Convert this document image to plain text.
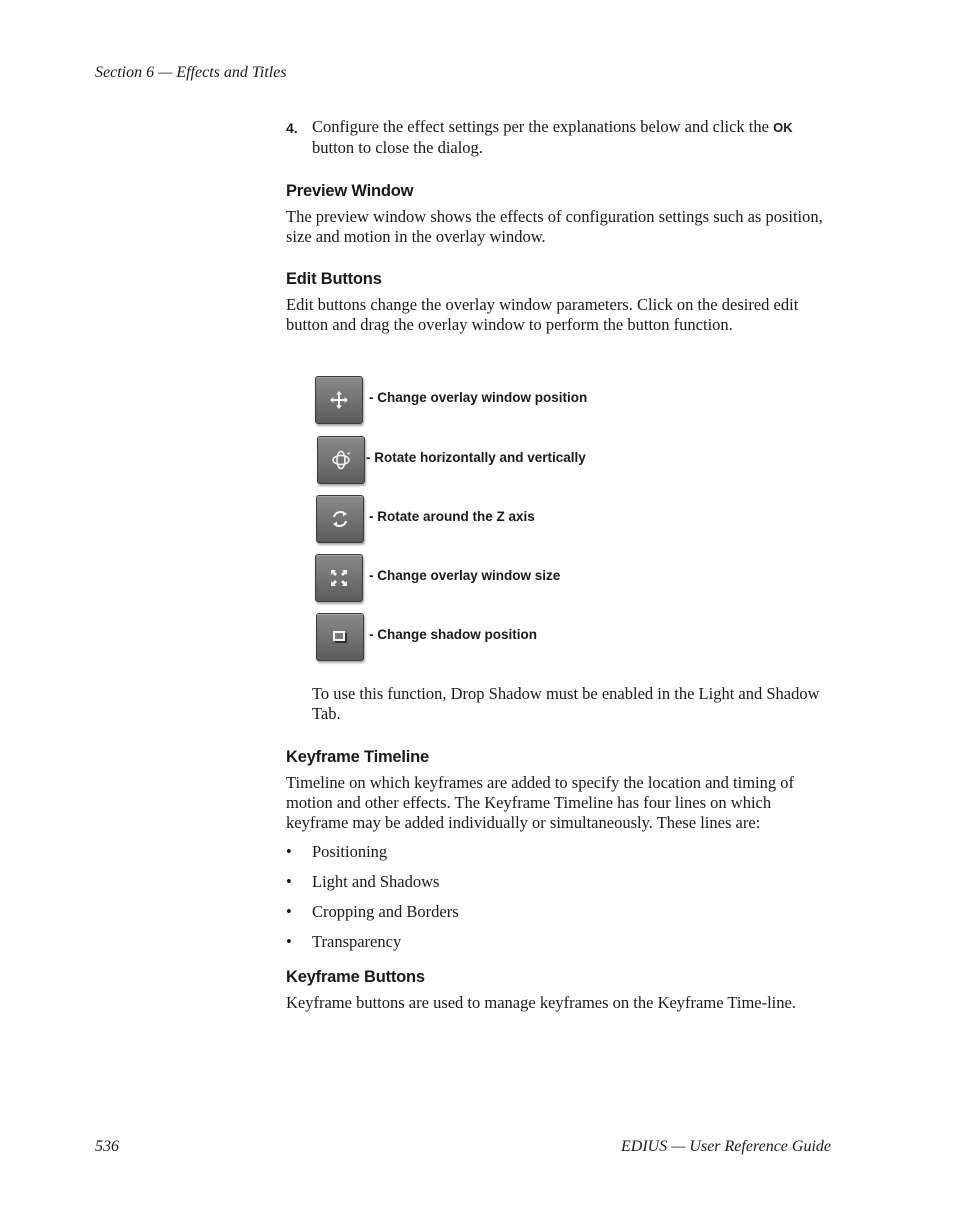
Section 6 — Effects and Titles
4. Configure the effect settings per the explanations below and click the OK
button to close the dialog.
Preview Window

The preview window shows the effects of configuration settings such as position, size and motion in the overlay window.

Edit Buttons

Edit buttons change the overlay window parameters. Click on the desired edit button and drag the overlay window to perform the button function.

- Change overlay window position
- Rotate horizontally and vertically
- Rotate around the Z axis
- Change overlay window size
- Change shadow position

To use this function, Drop Shadow must be enabled in the Light and Shadow Tab.

Keyframe Timeline

Timeline on which keyframes are added to specify the location and timing of motion and other effects. The Keyframe Timeline has four lines on which keyframe may be added individually or simultaneously. These lines are:

•	Positioning
•	Light and Shadows
•	Cropping and Borders
•	Transparency
Keyframe Buttons

Keyframe buttons are used to manage keyframes on the Keyframe Time-line.

536	EDIUS — User Reference Guide
